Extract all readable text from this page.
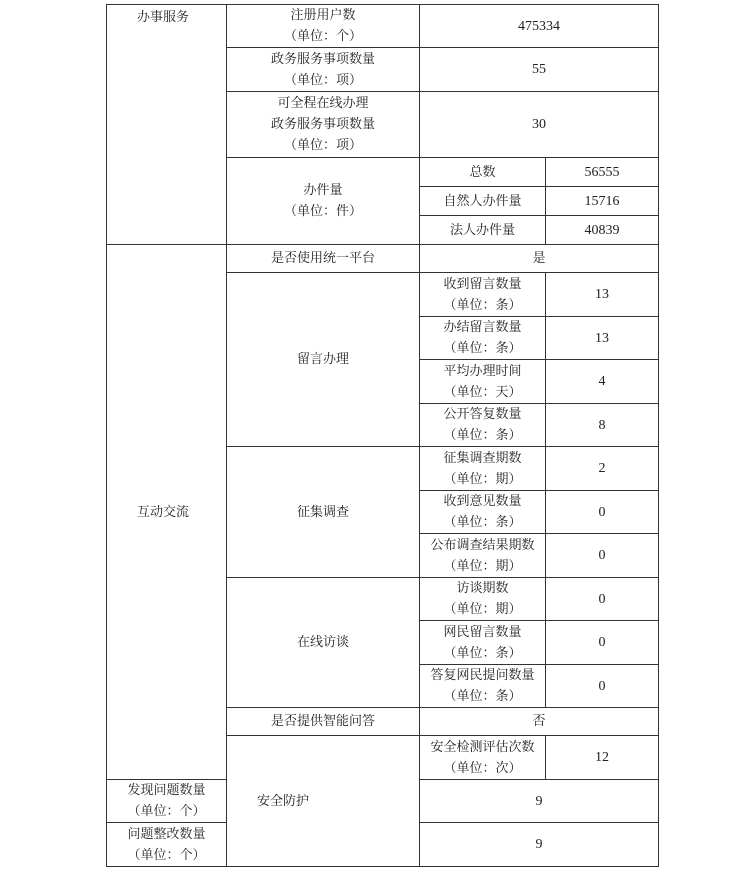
办事服务	注册用户数
（单位：个）	475334	

	政务服务事项数量
（单位：项）	55	

	可全程在线办理
政务服务事项数量
（单位：项）	30	

	办件量
（单位：件）	总数	56555
		自然人办件量	15716
		法人办件量	40839
互动交流	是否使用统一平台	是	
	留言办理	收到留言数量
（单位：条）	13

		办结留言数量
（单位：条）	13

		平均办理时间
（单位：天）	4

		公开答复数量
（单位：条）	8
	征集调查	征集调查期数
（单位：期）	2

		收到意见数量
（单位：条）	0

		公布调查结果期数
（单位：期）	0
	在线访谈	访谈期数
（单位：期）	0

		网民留言数量
（单位：条）	0

		答复网民提问数量
（单位：条）	0
	是否提供智能问答	否	
	安全防护	安全检测评估次数
（单位：次）	12

发现问题数量
（单位：个）		9	

问题整改数量
（单位：个）		9	
